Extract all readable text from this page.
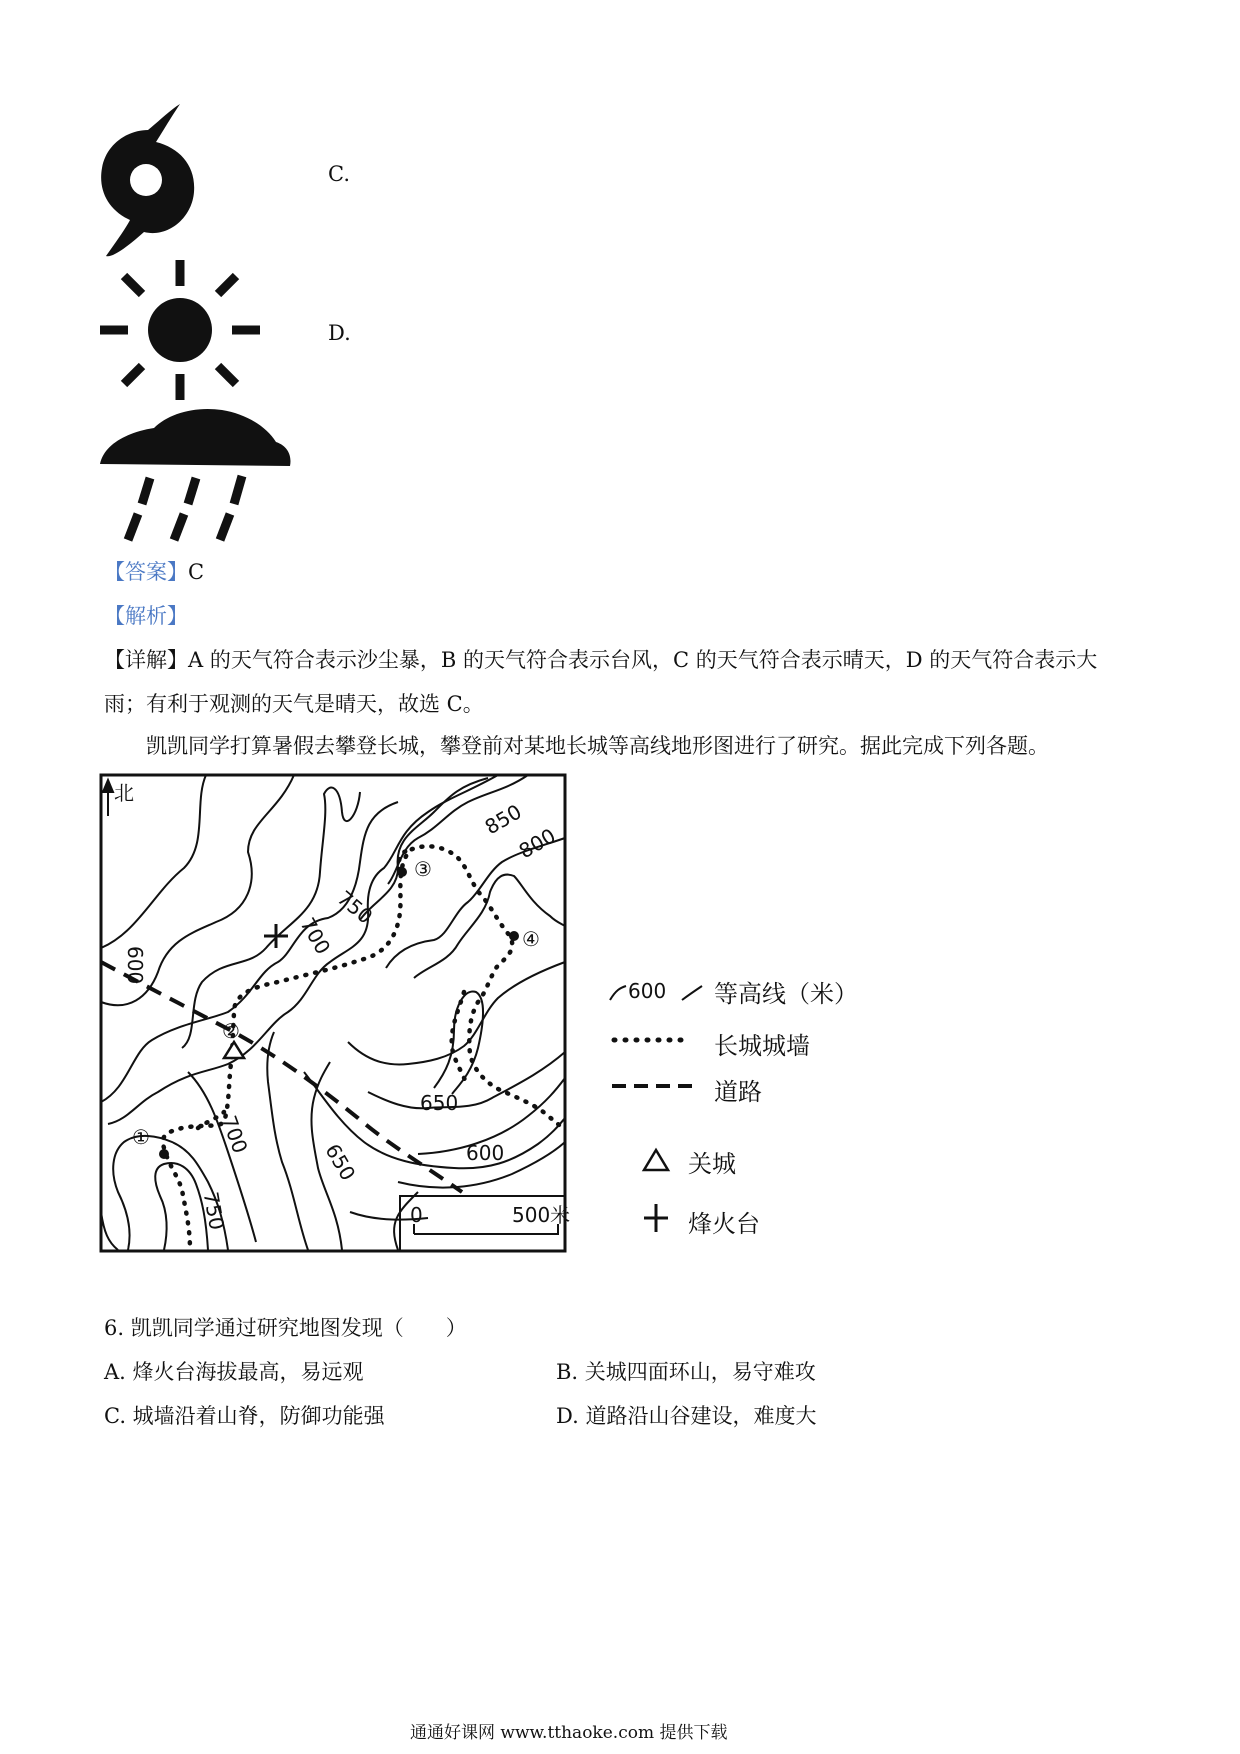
C.
D.
【答案】C
【解析】
【详解】A 的天气符合表示沙尘暴，B 的天气符合表示台风，C 的天气符合表示晴天，D 的天气符合表示大
雨；有利于观测的天气是晴天，故选 C。
凯凯同学打算暑假去攀登长城，攀登前对某地长城等高线地形图进行了研究。据此完成下列各题。
0	500米
北
850
800
750
700
600
650
600
700
650
750
①
②
③
④
600 等高线（米）
长城城墙
道路
关城
烽火台
6. 凯凯同学通过研究地图发现（　　）
A. 烽火台海拔最高，易远观	B. 关城四面环山，易守难攻
C. 城墙沿着山脊，防御功能强	D. 道路沿山谷建设，难度大
通通好课网 www.tthaoke.com 提供下载
